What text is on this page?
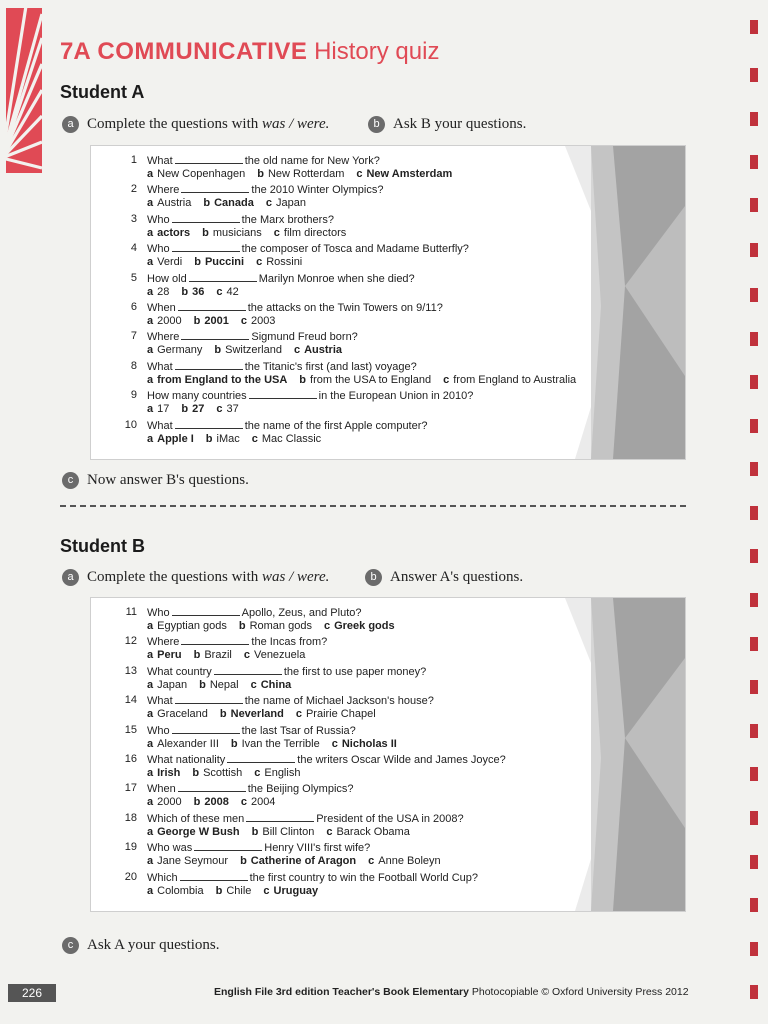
7A COMMUNICATIVE History quiz
Student A
a Complete the questions with
was / were.	b Ask B your questions.
1 What	the old name for New York?
a New Copenhagen b New Rotterdam c New Amsterdam
2 Where	the 2010 Winter Olympics?
a Austria b Canada c Japan
3 Who	the Marx brothers?
a actors b musicians c film directors
4 Who	the composer of Tosca and Madame Butterfly?
a Verdi b Puccini c Rossini
5 How old	Marilyn Monroe when she died?
a 28 b 36 c 42
6 When	the attacks on the Twin Towers on 9/11?
a 2000 b 2001 c 2003
7 Where	Sigmund Freud born?
a Germany b Switzerland c Austria
8 What	the Titanic's first (and last) voyage?
a from England to the USA b from the USA to England c from England to Australia
9 How many countries	in the European Union in 2010?
a 17 b 27 c 37
10 What	the name of the first Apple computer?
a Apple I b iMac c Mac Classic
c Now answer B's questions.
Student B
a Complete the questions with
was / were.	b Answer A's questions.
11 Who	Apollo, Zeus, and Pluto?
a Egyptian gods b Roman gods c Greek gods
12 Where	the Incas from?
a Peru b Brazil c Venezuela
13 What country	the first to use paper money?
a Japan b Nepal c China
14 What	the name of Michael Jackson's house?
a Graceland b Neverland c Prairie Chapel
15 Who	the last Tsar of Russia?
a Alexander III b Ivan the Terrible c Nicholas II
16 What nationality	the writers Oscar Wilde and James Joyce?
a Irish b Scottish c English
17 When	the Beijing Olympics?
a 2000 b 2008 c 2004
18 Which of these men	President of the USA in 2008?
a George W Bush b Bill Clinton c Barack Obama
19 Who was	Henry VIII's first wife?
a Jane Seymour b Catherine of Aragon c Anne Boleyn
20 Which	the first country to win the Football World Cup?
a Colombia b Chile c Uruguay
c Ask A your questions.
226	English File 3rd edition Teacher's Book Elementary Photocopiable © Oxford University Press 2012
